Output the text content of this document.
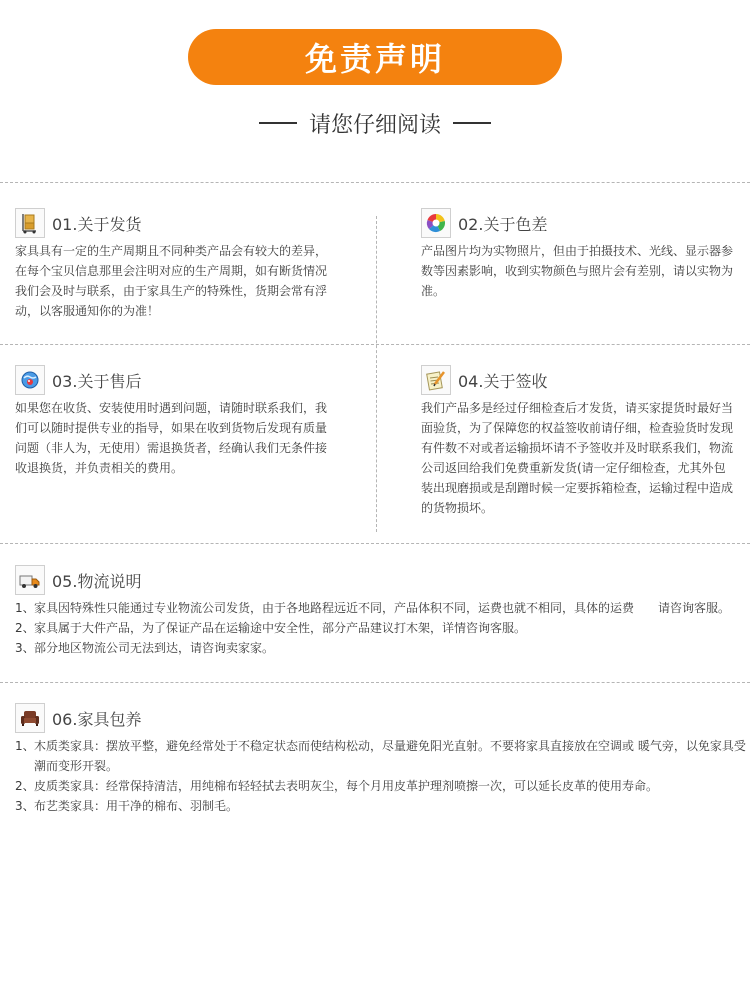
免责声明
请您仔细阅读
01.关于发货
家具具有一定的生产周期且不同种类产品会有较大的差异，在每个宝贝信息那里会注明对应的生产周期，如有断货情况我们会及时与联系，由于家具生产的特殊性，货期会常有浮动，以客服通知你的为准！
02.关于色差
产品图片均为实物照片，但由于拍摄技术、光线、显示器参数等因素影响，收到实物颜色与照片会有差别，请以实物为准。
03.关于售后
如果您在收货、安装使用时遇到问题，请随时联系我们，我们可以随时提供专业的指导，如果在收到货物后发现有质量问题（非人为，无使用）需退换货者，经确认我们无条件接收退换货，并负责相关的费用。
04.关于签收
我们产品多是经过仔细检查后才发货，请买家提货时最好当面验货，为了保障您的权益签收前请仔细，检查验货时发现有件数不对或者运输损坏请不予签收并及时联系我们，物流公司返回给我们免费重新发货(请一定仔细检查，尤其外包装出现磨损或是刮蹭时候一定要拆箱检查，运输过程中造成的货物损坏。
05.物流说明
1、 家具因特殊性只能通过专业物流公司发货，由于各地路程远近不同，产品体积不同，运费也就不相同，具体的运费　　请咨询客服。
2、 家具属于大件产品，为了保证产品在运输途中安全性，部分产品建议打木架，详情咨询客服。
3、 部分地区物流公司无法到达，请咨询卖家家。
06.家具包养
1、 木质类家具：摆放平整，避免经常处于不稳定状态而使结构松动，尽量避免阳光直射。不要将家具直接放在空调或 暖气旁，以免家具受潮而变形开裂。
2、 皮质类家具：经常保持清洁，用纯棉布轻轻拭去表明灰尘，每个月用皮革护理剂喷擦一次，可以延长皮革的使用寿命。
3、 布艺类家具：用干净的棉布、羽制毛。
